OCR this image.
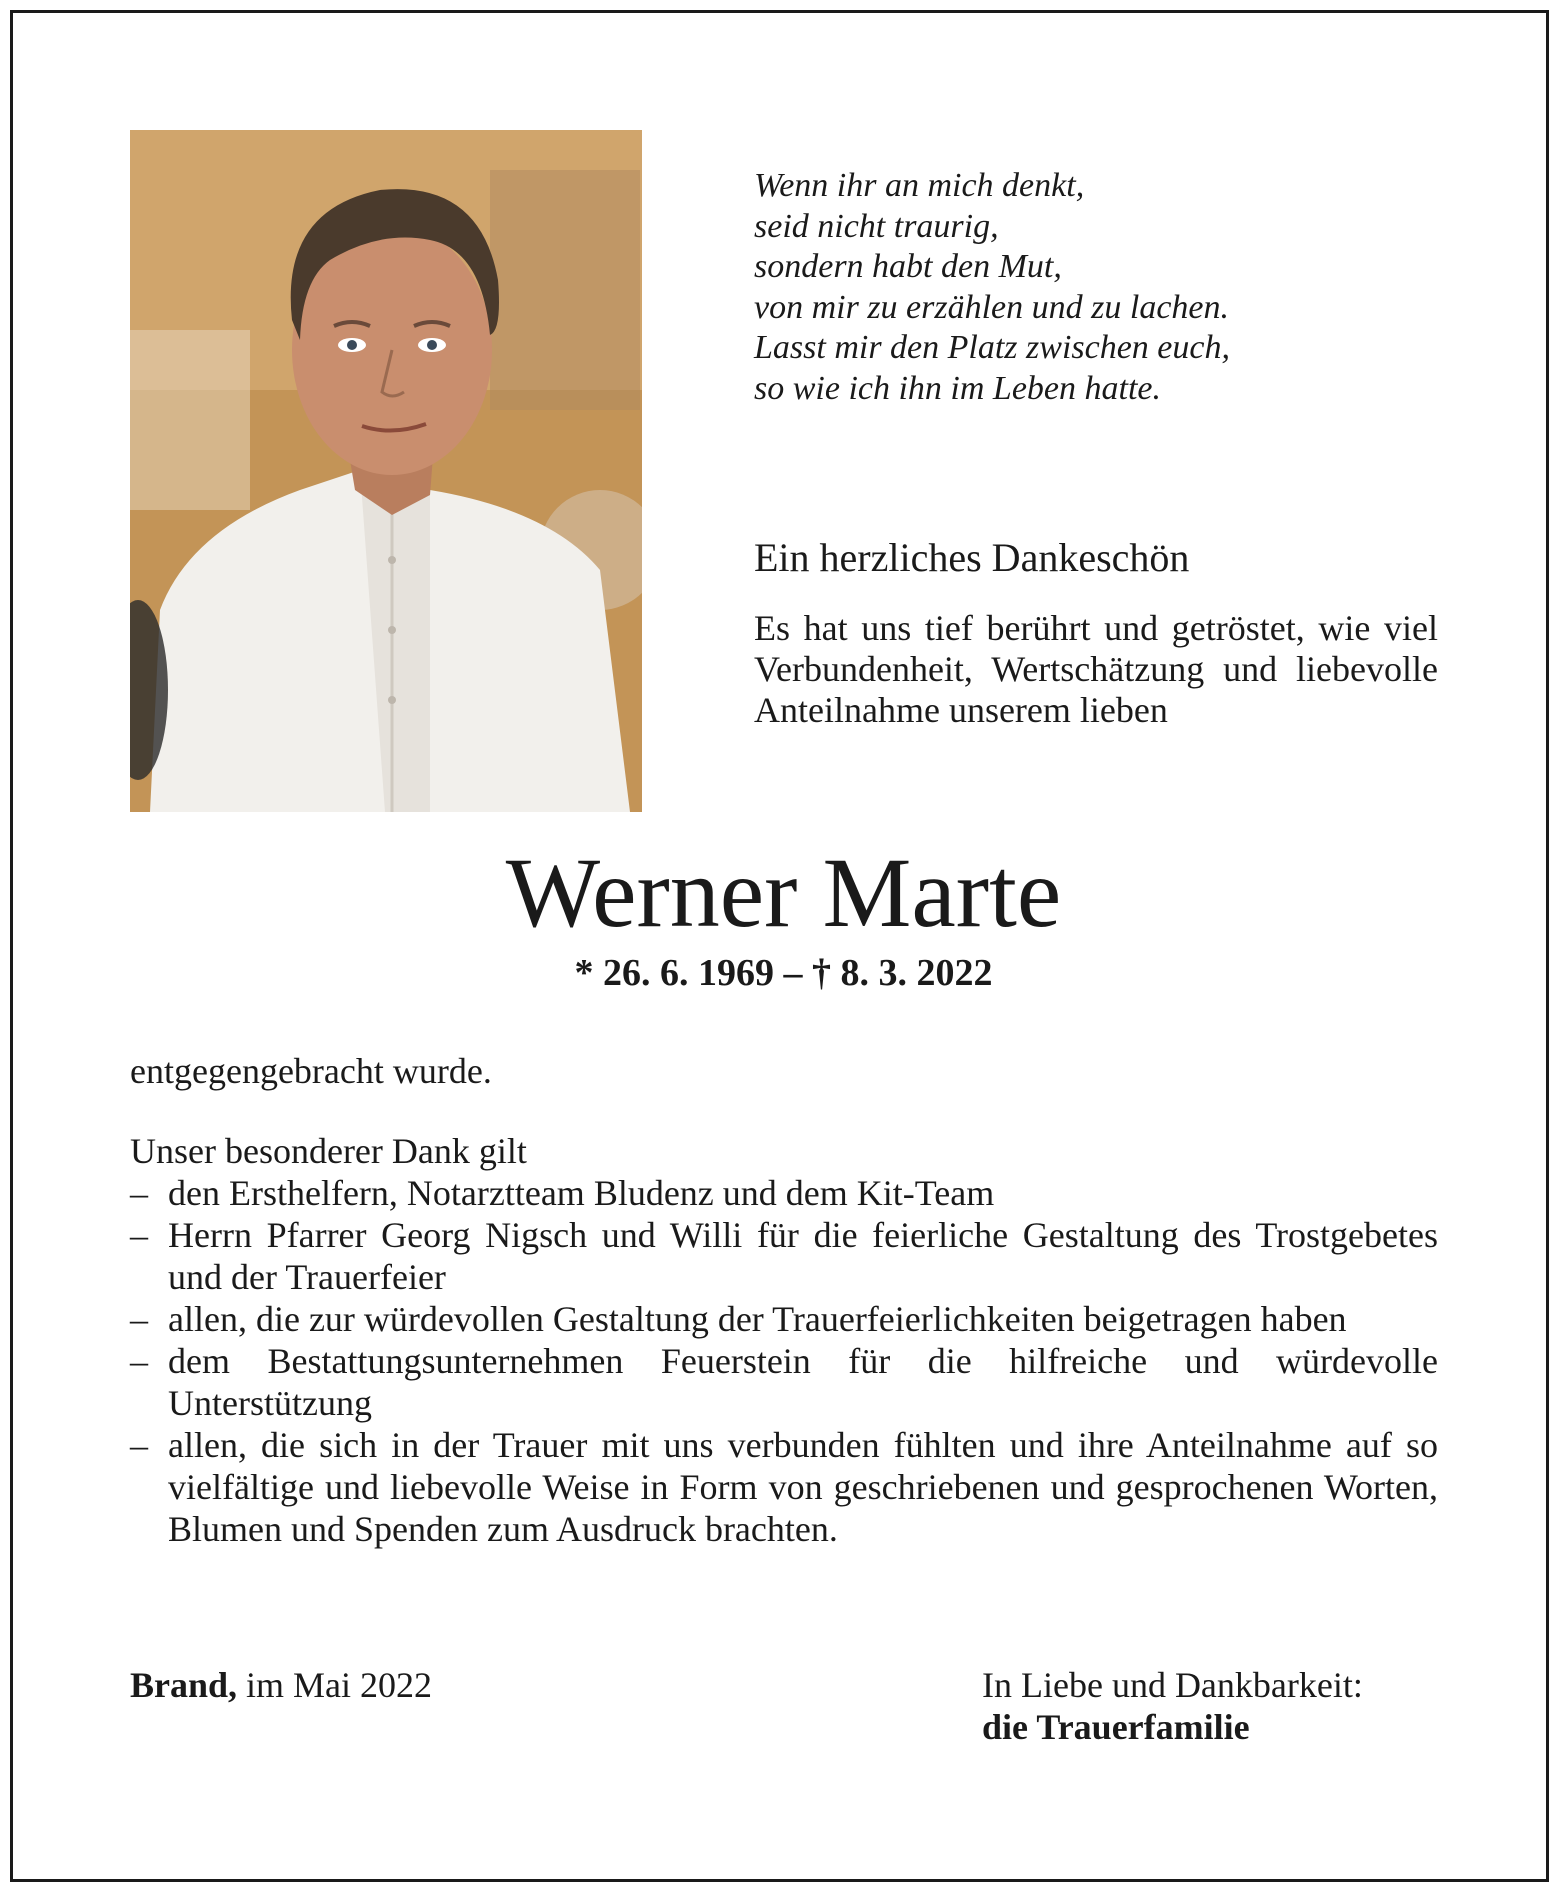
Wenn ihr an mich denkt,
seid nicht traurig,
sondern habt den Mut,
von mir zu erzählen und zu lachen.
Lasst mir den Platz zwischen euch,
so wie ich ihn im Leben hatte.
Ein herzliches Dankeschön
Es hat uns tief berührt und getröstet, wie viel Verbundenheit, Wertschätzung und liebevolle Anteilnahme unserem lieben
Werner Marte
* 26. 6. 1969 – † 8. 3. 2022
entgegengebracht wurde.
Unser besonderer Dank gilt
– den Ersthelfern, Notarztteam Bludenz und dem Kit-Team
– Herrn Pfarrer Georg Nigsch und Willi für die feierliche Gestaltung des Trostgebetes und der Trauerfeier
– allen, die zur würdevollen Gestaltung der Trauerfeierlichkeiten beigetragen haben
– dem Bestattungsunternehmen Feuerstein für die hilfreiche und würdevolle Unterstützung
– allen, die sich in der Trauer mit uns verbunden fühlten und ihre Anteilnahme auf so vielfältige und liebevolle Weise in Form von geschriebenen und gesprochenen Worten, Blumen und Spenden zum Ausdruck brachten.
Brand, im Mai 2022	In Liebe und Dankbarkeit:
die Trauerfamilie
